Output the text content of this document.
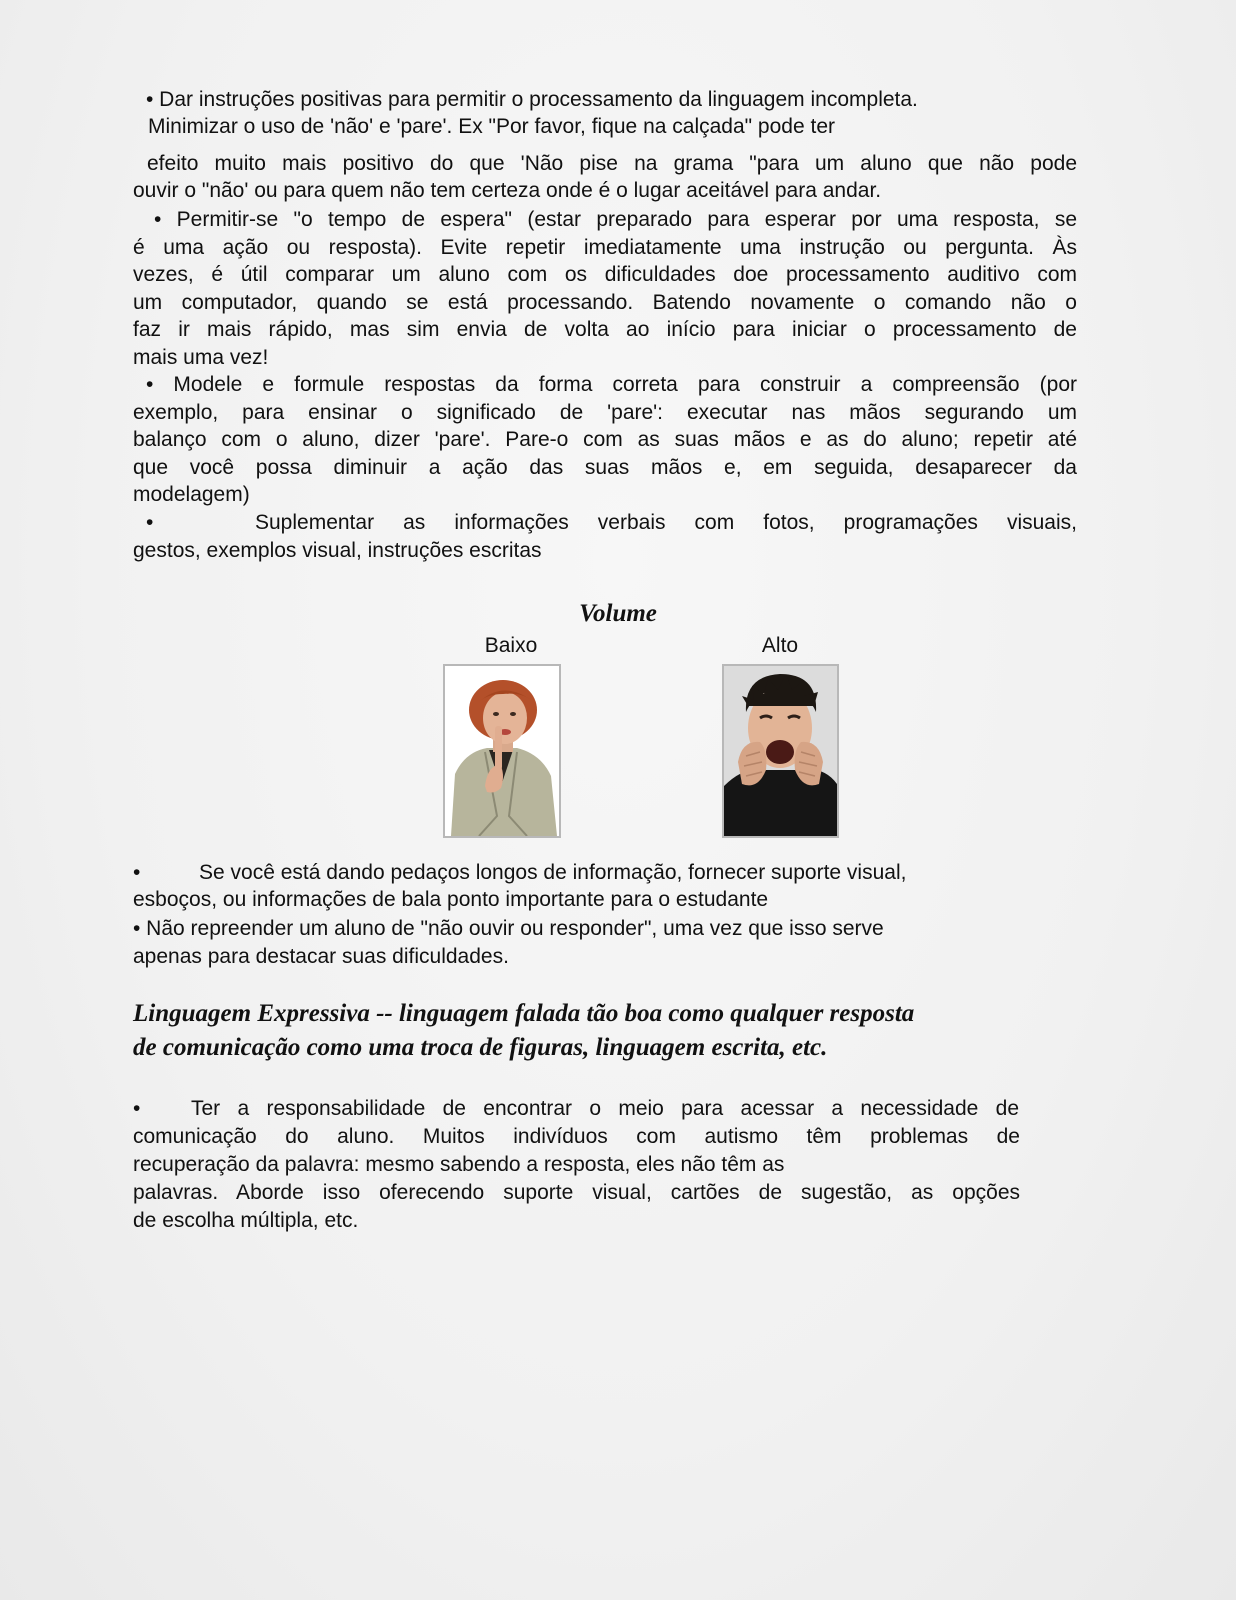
• Dar instruções positivas para permitir o processamento da linguagem incompleta.

Minimizar o uso de 'não' e 'pare'. Ex "Por favor, fique na calçada" pode ter

efeito muito mais positivo do que 'Não pise na grama "para um aluno que não pode

ouvir o "não' ou para quem não tem certeza onde é o lugar aceitável para andar.

• Permitir-se "o tempo de espera" (estar preparado para esperar por uma resposta, se

é uma ação ou resposta). Evite repetir imediatamente uma instrução ou pergunta. Às

vezes, é útil comparar um aluno com os dificuldades doe processamento auditivo com

um computador, quando se está processando. Batendo novamente o comando não o

faz ir mais rápido, mas sim envia de volta ao início para iniciar o processamento de

mais uma vez!

• Modele e formule respostas da forma correta para construir a compreensão (por

exemplo, para ensinar o significado de 'pare': executar nas mãos segurando um

balanço com o aluno, dizer 'pare'. Pare-o com as suas mãos e as do aluno; repetir até

que você possa diminuir a ação das suas mãos e, em seguida, desaparecer da

modelagem)

•	Suplementar as informações verbais com fotos, programações visuais,

gestos, exemplos visual, instruções escritas

Volume
Baixo	Alto

•	Se você está dando pedaços longos de informação, fornecer suporte visual,

esboços, ou informações de bala ponto importante para o estudante

• Não repreender um aluno de "não ouvir ou responder", uma vez que isso serve

apenas para destacar suas dificuldades.

Linguagem Expressiva -- linguagem falada tão boa como qualquer resposta
de comunicação como uma troca de figuras, linguagem escrita, etc.

•	Ter a responsabilidade de encontrar o meio para acessar a necessidade de

comunicação do aluno. Muitos indivíduos com autismo têm problemas de

recuperação da palavra: mesmo sabendo a resposta, eles não têm as

palavras. Aborde isso oferecendo suporte visual, cartões de sugestão, as opções

de escolha múltipla, etc.
